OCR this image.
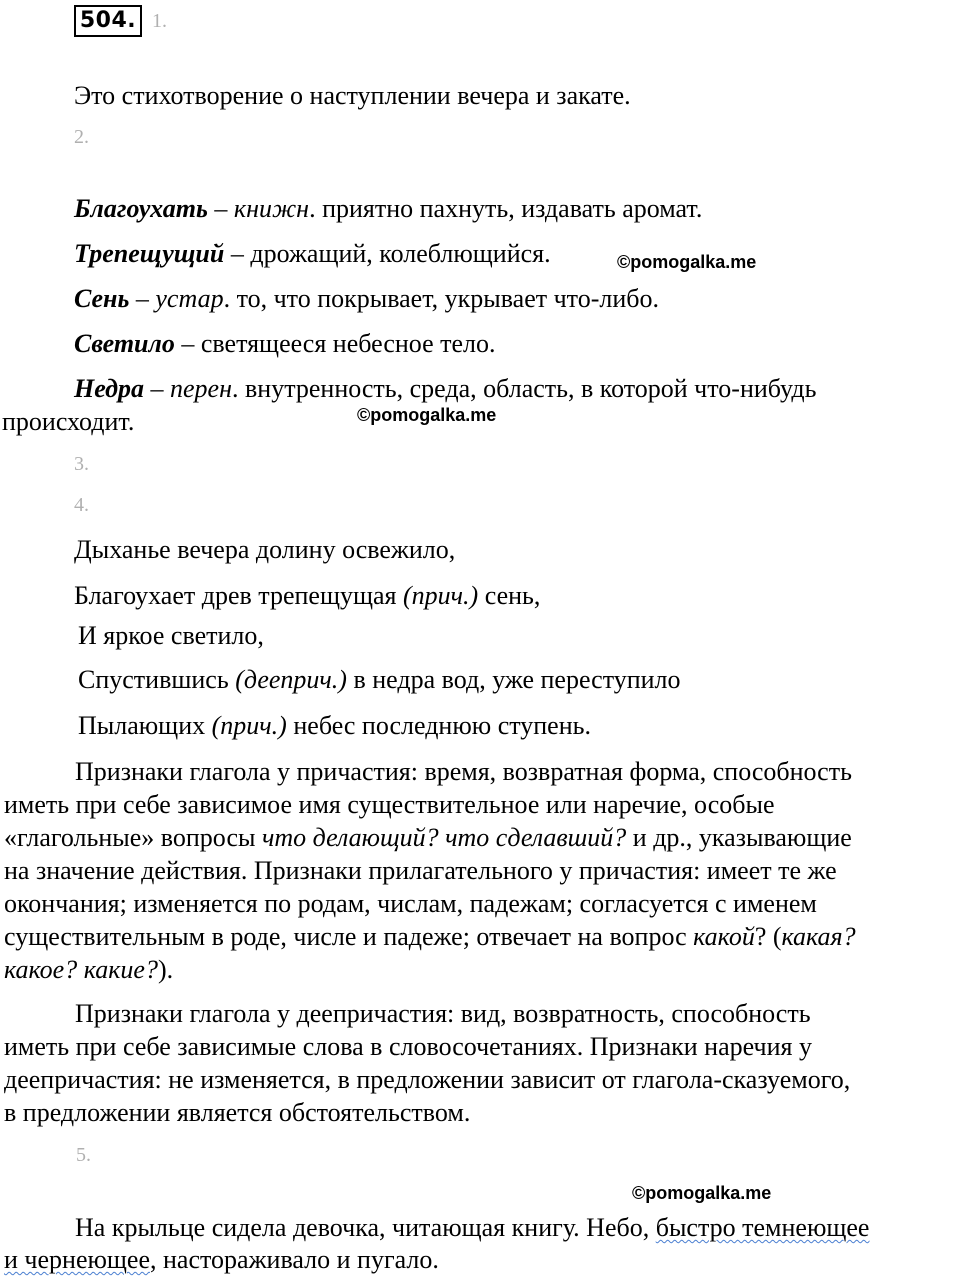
504. 1.
Это стихотворение о наступлении вечера и закате.
2.
Благоухать – книжн. приятно пахнуть, издавать аромат.
Трепещущий – дрожащий, колеблющийся.	©pomogalka.me
Сень – устар. то, что покрывает, укрывает что-либо.
Светило – светящееся небесное тело.
Недра – перен. внутренность, среда, область, в которой что-нибудь
происходит.	©pomogalka.me
3.
4.
Дыханье вечера долину освежило,
Благоухает древ трепещущая (прич.) сень,
И яркое светило,
Спустившись (дееприч.) в недра вод, уже переступило
Пылающих (прич.) небес последнюю ступень.
Признаки глагола у причастия: время, возвратная форма, способность
иметь при себе зависимое имя существительное или наречие, особые
«глагольные» вопросы что делающий? что сделавший? и др., указывающие
на значение действия. Признаки прилагательного у причастия: имеет те же
окончания; изменяется по родам, числам, падежам; согласуется с именем
существительным в роде, числе и падеже; отвечает на вопрос какой? (какая?
какое? какие?).
Признаки глагола у деепричастия: вид, возвратность, способность
иметь при себе зависимые слова в словосочетаниях. Признаки наречия у
деепричастия: не изменяется, в предложении зависит от глагола-сказуемого,
в предложении является обстоятельством.
5.
©pomogalka.me
На крыльце сидела девочка, читающая книгу. Небо, быстро темнеющее
и чернеющее, настораживало и пугало.
